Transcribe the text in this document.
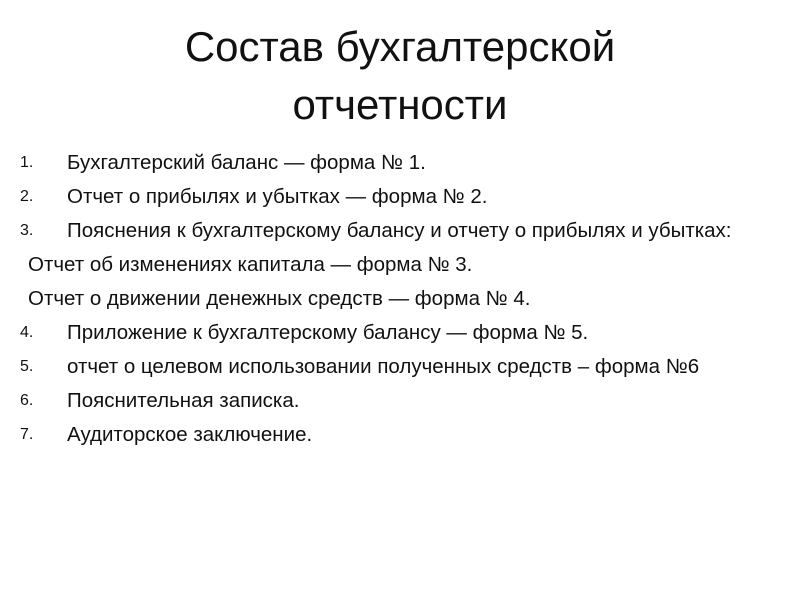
Состав бухгалтерской
отчетности
1. Бухгалтерский баланс — форма № 1.
2. Отчет о прибылях и убытках — форма № 2.
3. Пояснения к бухгалтерскому балансу и отчету о прибылях и убытках:
Отчет об изменениях капитала — форма № 3.
Отчет о движении денежных средств — форма № 4.
4. Приложение к бухгалтерскому балансу — форма № 5.
5. отчет о целевом использовании полученных средств – форма №6
6. Пояснительная записка.
7. Аудиторское заключение.
